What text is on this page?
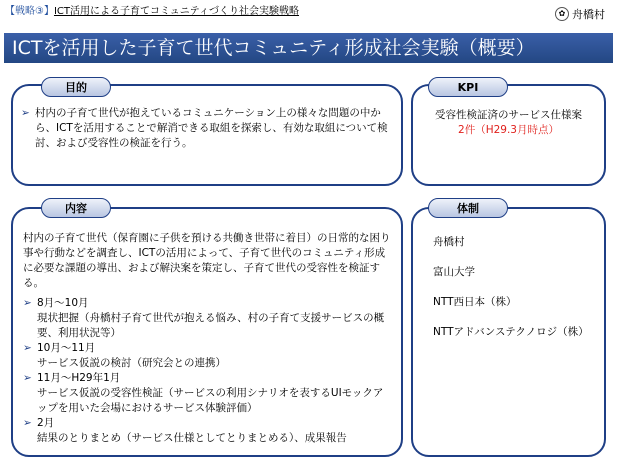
【戦略③】ICT活用による子育てコミュニティづくり社会実験戦略	✿ 舟橋村
ICTを活用した子育て世代コミュニティ形成社会実験（概要）
➢ 村内の子育て世代が抱えているコミュニケーション上の様々な問題の中から、ICTを活用することで解消できる取組を探索し、有効な取組について検討、および受容性の検証を行う。
目的
受容性検証済のサービス仕様案
2件（H29.3月時点）
KPI
村内の子育て世代（保育園に子供を預ける共働き世帯に着目）の日常的な困り事や行動などを調査し、ICTの活用によって、子育て世代のコミュニティ形成に必要な課題の導出、および解決案を策定し、子育て世代の受容性を検証する。
➢ 8月～10月
現状把握（舟橋村子育て世代が抱える悩み、村の子育て支援サービスの概要、利用状況等）
➢ 10月～11月
サービス仮説の検討（研究会との連携）
➢ 11月～H29年1月
サービス仮説の受容性検証（サービスの利用シナリオを表するUIモックアップを用いた会場におけるサービス体験評価）
➢ 2月
結果のとりまとめ（サービス仕様としてとりまとめる）、成果報告
内容
舟橋村
富山大学
NTT西日本（株）
NTTアドバンステクノロジ（株）
体制
